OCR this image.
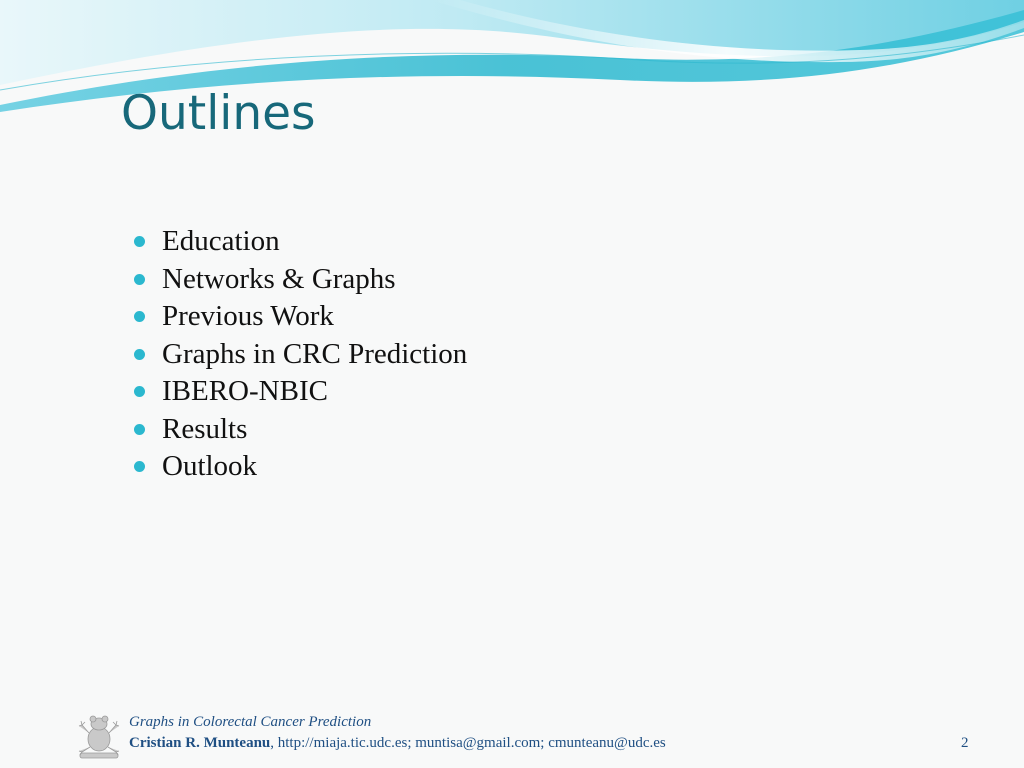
Outlines
Education
Networks & Graphs
Previous Work
Graphs in CRC Prediction
IBERO-NBIC
Results
Outlook
Graphs in Colorectal Cancer Prediction
Cristian R. Munteanu, http://miaja.tic.udc.es; muntisa@gmail.com; cmunteanu@udc.es	2
